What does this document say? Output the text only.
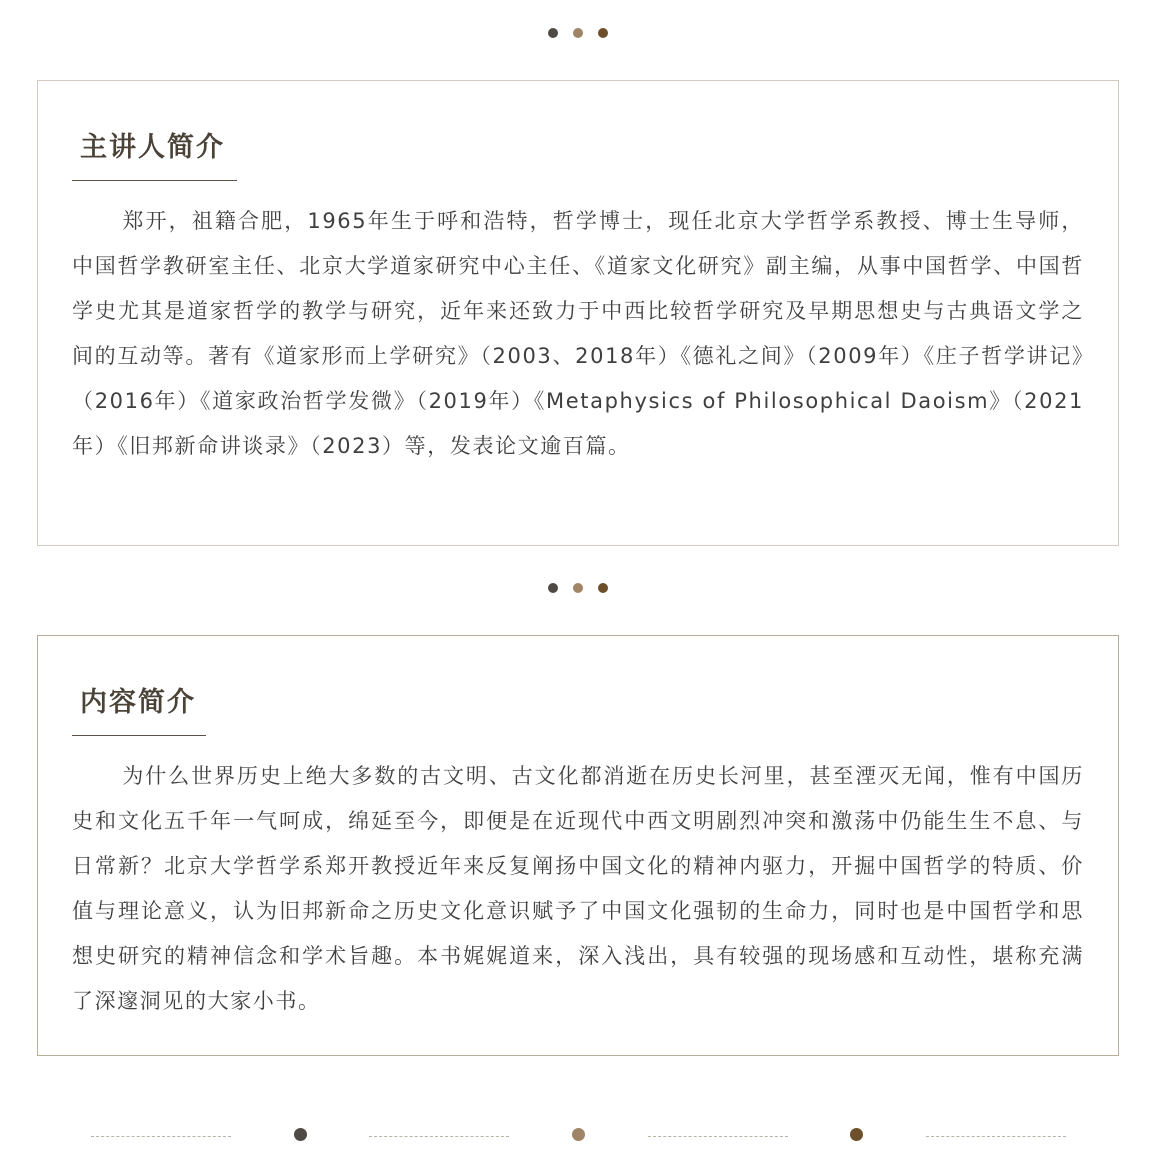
主讲人简介

郑开，祖籍合肥，1965年生于呼和浩特，哲学博士，现任北京大学哲学系教授、博士生导师，中国哲学教研室主任、北京大学道家研究中心主任、《道家文化研究》副主编，从事中国哲学、中国哲学史尤其是道家哲学的教学与研究，近年来还致力于中西比较哲学研究及早期思想史与古典语文学之间的互动等。著有《道家形而上学研究》（2003、2018年）《德礼之间》（2009年）《庄子哲学讲记》（2016年）《道家政治哲学发微》（2019年）《Metaphysics of Philosophical Daoism》（2021年）《旧邦新命讲谈录》（2023）等，发表论文逾百篇。

内容简介

为什么世界历史上绝大多数的古文明、古文化都消逝在历史长河里，甚至湮灭无闻，惟有中国历史和文化五千年一气呵成，绵延至今，即便是在近现代中西文明剧烈冲突和激荡中仍能生生不息、与日常新？北京大学哲学系郑开教授近年来反复阐扬中国文化的精神内驱力，开掘中国哲学的特质、价值与理论意义，认为旧邦新命之历史文化意识赋予了中国文化强韧的生命力，同时也是中国哲学和思想史研究的精神信念和学术旨趣。本书娓娓道来，深入浅出，具有较强的现场感和互动性，堪称充满了深邃洞见的大家小书。
